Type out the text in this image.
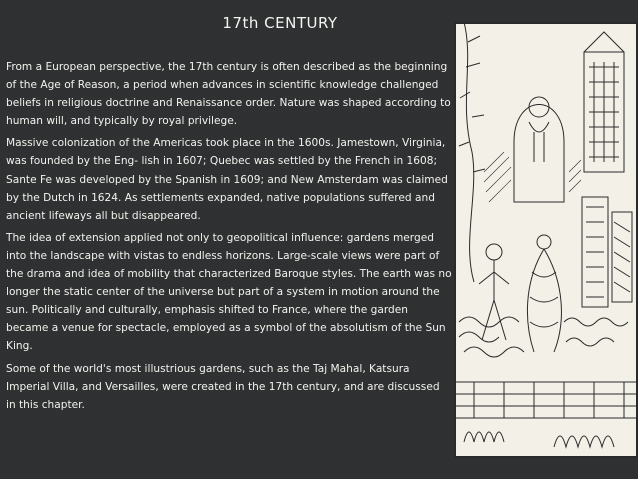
17th CENTURY

From a European perspective, the 17th century is often described as the beginning of the Age of Reason, a period when advances in scientific knowledge challenged beliefs in religious doctrine and Renaissance order. Nature was shaped according to human will, and typically by royal privilege.

Massive colonization of the Americas took place in the 1600s. Jamestown, Virginia, was founded by the Eng- lish in 1607; Quebec was settled by the French in 1608; Sante Fe was developed by the Spanish in 1609; and New Amsterdam was claimed by the Dutch in 1624. As settlements expanded, native populations suffered and ancient lifeways all but disappeared.

The idea of extension applied not only to geopolitical influence: gardens merged into the landscape with vistas to endless horizons. Large-scale views were part of the drama and idea of mobility that characterized Baroque styles. The earth was no longer the static center of the universe but part of a system in motion around the sun. Politically and culturally, emphasis shifted to France, where the garden became a venue for spectacle, employed as a symbol of the absolutism of the Sun King.

Some of the world's most illustrious gardens, such as the Taj Mahal, Katsura Imperial Villa, and Versailles, were created in the 17th century, and are discussed in this chapter.
